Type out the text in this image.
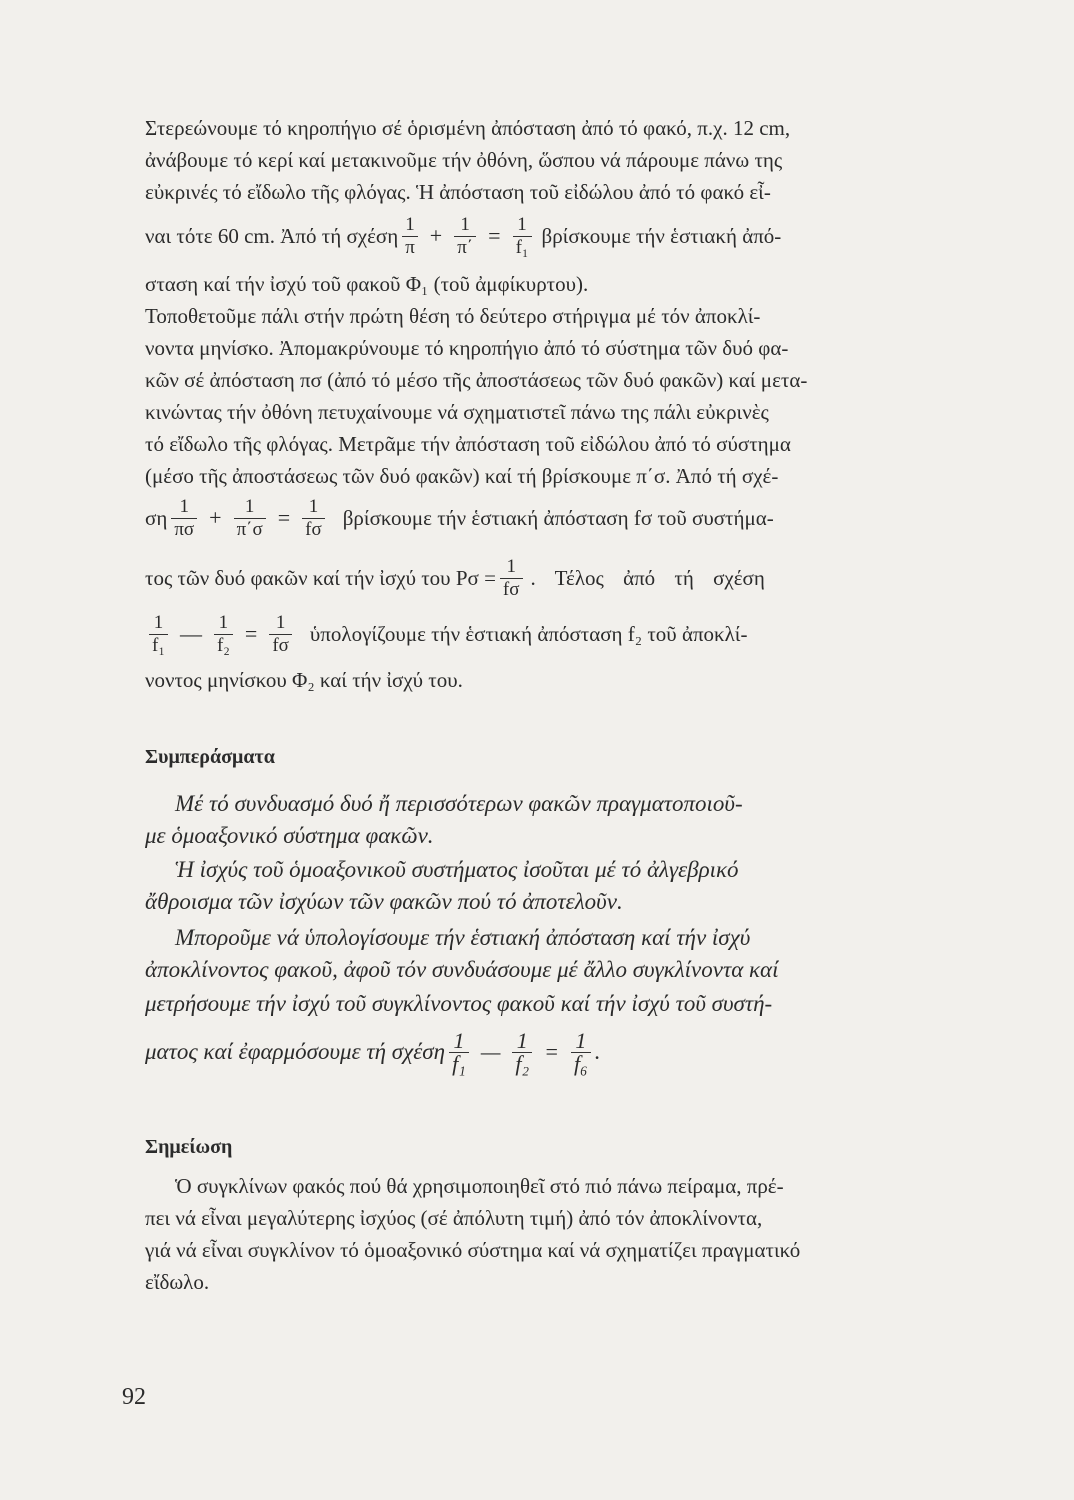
Στερεώνουμε τό κηροπήγιο σέ ὁρισμένη ἀπόσταση ἀπό τό φακό, π.χ. 12 cm,
ἀνάβουμε τό κερί καί μετακινοῦμε τήν ὀθόνη, ὥσπου νά πάρουμε πάνω της
εὐκρινές τό εἴδωλο τῆς φλόγας. Ἡ ἀπόσταση τοῦ εἰδώλου ἀπό τό φακό εἶ-
ναι τότε 60 cm. Ἀπό τή σχέση $\frac{1}{\pi} + \frac{1}{\pi΄} = \frac{1}{\text{f₁}}$ βρίσκουμε τήν ἑστιακή ἀπό-
σταση καί τήν ἰσχύ τοῦ φακοῦ Φ₁ (τοῦ ἀμφίκυρτου).
Τοποθετοῦμε πάλι στήν πρώτη θέση τό δεύτερο στήριγμα μέ τόν ἀποκλί-
νοντα μηνίσκο. Ἀπομακρύνουμε τό κηροπήγιο ἀπό τό σύστημα τῶν δυό φα-
κῶν σέ ἀπόσταση πσ (ἀπό τό μέσο τῆς ἀποστάσεως τῶν δυό φακῶν) καί μετα-
κινώντας τήν ὀθόνη πετυχαίνουμε νά σχηματιστεῖ πάνω της πάλι εὐκρινὲς
τό εἴδωλο τῆς φλόγας. Μετρᾶμε τήν ἀπόσταση τοῦ εἰδώλου ἀπό τό σύστημα
(μέσο τῆς ἀποστάσεως τῶν δυό φακῶν) καί τή βρίσκουμε π΄σ. Ἀπό τή σχέ-
ση $\frac{1}{\pi\sigma} + \frac{1}{\pi΄\sigma} = \frac{1}{f\sigma}$ βρίσκουμε τήν ἑστιακή ἀπόσταση fσ τοῦ συστήμα-
τος τῶν δυό φακῶν καί τήν ἰσχύ του $P\sigma = \frac{1}{f\sigma}$ . Τέλος ἀπό τή σχέση
$\frac{1}{\text{f₁}}$ — $\frac{1}{\text{f₂}} = \frac{1}{f\sigma}$ ὑπολογίζουμε τήν ἑστιακή ἀπόσταση f₂ τοῦ ἀποκλί-
νοντος μηνίσκου Φ₂ καί τήν ἰσχύ του.
Συμπεράσματα
Μέ τό συνδυασμό δυό ἤ περισσότερων φακῶν πραγματοποιοῦ-
με ὁμοαξονικό σύστημα φακῶν.
Ἡ ἰσχύς τοῦ ὁμοαξονικοῦ συστήματος ἰσοῦται μέ τό ἀλγεβρικό
ἄθροισμα τῶν ἰσχύων τῶν φακῶν πού τό ἀποτελοῦν.
Μποροῦμε νά ὑπολογίσουμε τήν ἑστιακή ἀπόσταση καί τήν ἰσχύ
ἀποκλίνοντος φακοῦ, ἀφοῦ τόν συνδυάσουμε μέ ἄλλο συγκλίνοντα καί
μετρήσουμε τήν ἰσχύ τοῦ συγκλίνοντος φακοῦ καί τήν ἰσχύ τοῦ συστή-
ματος καί ἐφαρμόσουμε τή σχέση $\frac{1}{\text{f₁}}$ — $\frac{1}{\text{f₂}} = \frac{1}{\text{f₆}}$ .
Σημείωση
Ὁ συγκλίνων φακός πού θά χρησιμοποιηθεῖ στό πιό πάνω πείραμα, πρέ-
πει νά εἶναι μεγαλύτερης ἰσχύος (σέ ἀπόλυτη τιμή) ἀπό τόν ἀποκλίνοντα,
γιά νά εἶναι συγκλίνον τό ὁμοαξονικό σύστημα καί νά σχηματίζει πραγματικό
εἴδωλο.
92
